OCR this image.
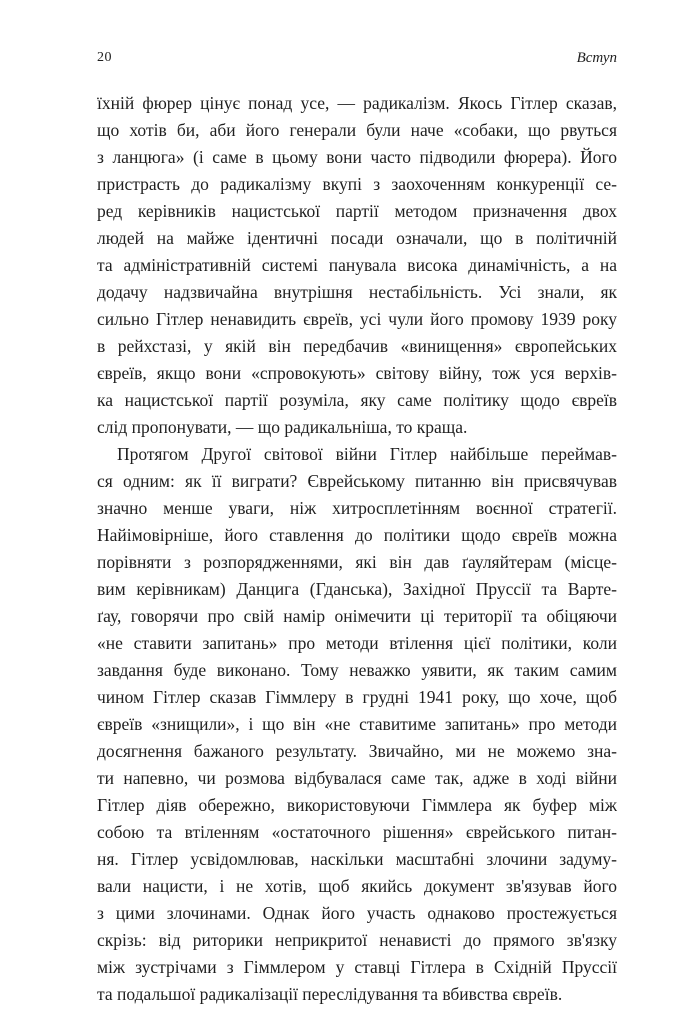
20	Вступ
їхній фюрер цінує понад усе, — радикалізм. Якось Гітлер сказав,
що хотів би, аби його генерали були наче «собаки, що рвуться
з ланцюга» (і саме в цьому вони часто підводили фюрера). Його
пристрасть до радикалізму вкупі з заохоченням конкуренції се-
ред керівників нацистської партії методом призначення двох
людей на майже ідентичні посади означали, що в політичній
та адміністративній системі панувала висока динамічність, а на
додачу надзвичайна внутрішня нестабільність. Усі знали, як
сильно Гітлер ненавидить євреїв, усі чули його промову 1939 року
в рейхстазі, у якій він передбачив «винищення» європейських
євреїв, якщо вони «спровокують» світову війну, тож уся верхів-
ка нацистської партії розуміла, яку саме політику щодо євреїв
слід пропонувати, — що радикальніша, то краща.
Протягом Другої світової війни Гітлер найбільше переймав-
ся одним: як її виграти? Єврейському питанню він присвячував
значно менше уваги, ніж хитросплетінням воєнної стратегії.
Найімовірніше, його ставлення до політики щодо євреїв можна
порівняти з розпорядженнями, які він дав ґауляйтерам (місце-
вим керівникам) Данцига (Гданська), Західної Пруссії та Варте-
ґау, говорячи про свій намір онімечити ці території та обіцяючи
«не ставити запитань» про методи втілення цієї політики, коли
завдання буде виконано. Тому неважко уявити, як таким самим
чином Гітлер сказав Гіммлеру в грудні 1941 року, що хоче, щоб
євреїв «знищили», і що він «не ставитиме запитань» про методи
досягнення бажаного результату. Звичайно, ми не можемо зна-
ти напевно, чи розмова відбувалася саме так, адже в ході війни
Гітлер діяв обережно, використовуючи Гіммлера як буфер між
собою та втіленням «остаточного рішення» єврейського питан-
ня. Гітлер усвідомлював, наскільки масштабні злочини задуму-
вали нацисти, і не хотів, щоб якийсь документ зв'язував його
з цими злочинами. Однак його участь однаково простежується
скрізь: від риторики неприкритої ненависті до прямого зв'язку
між зустрічами з Гіммлером у ставці Гітлера в Східній Пруссії
та подальшої радикалізації переслідування та вбивства євреїв.
